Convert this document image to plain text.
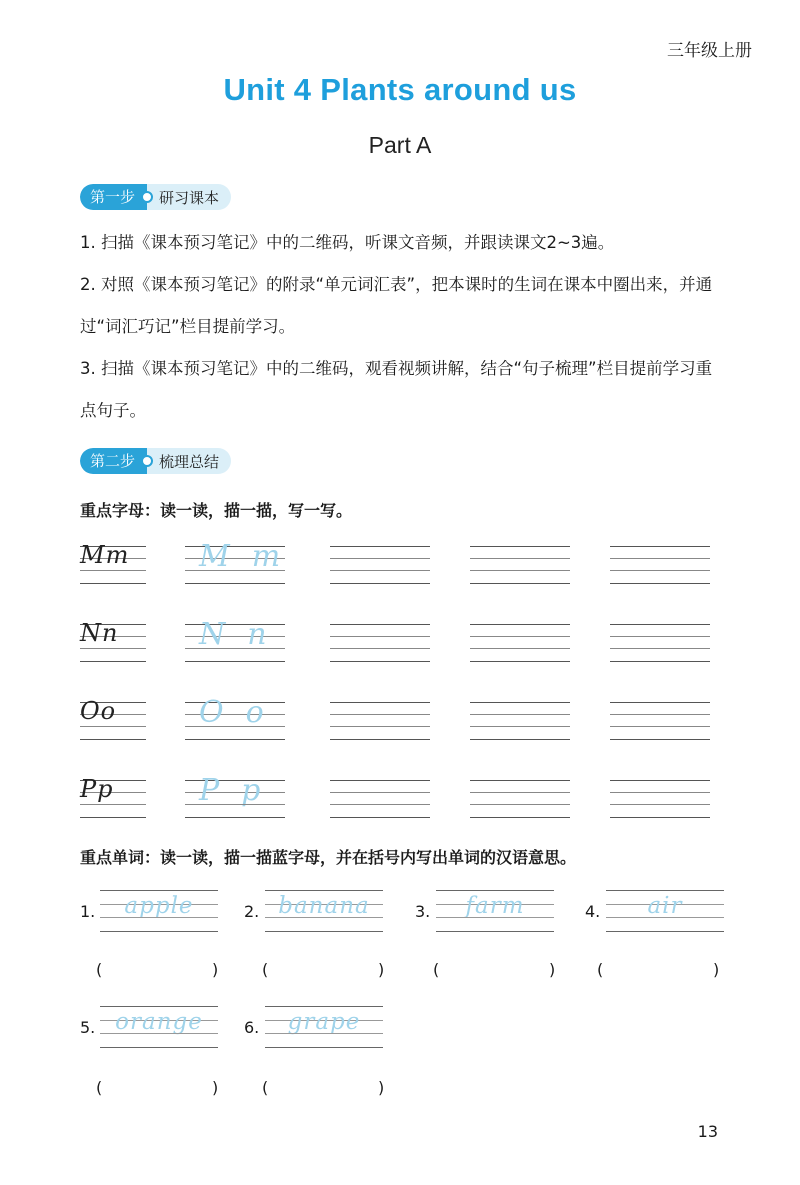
三年级上册
Unit 4 Plants around us
Part A
第一步	研习课本
1. 扫描《课本预习笔记》中的二维码，听课文音频，并跟读课文2~3遍。
2. 对照《课本预习笔记》的附录“单元词汇表”，把本课时的生词在课本中圈出来，并通过“词汇巧记”栏目提前学习。
3. 扫描《课本预习笔记》中的二维码，观看视频讲解，结合“句子梳理”栏目提前学习重点句子。
第二步	梳理总结
重点字母：读一读，描一描，写一写。
Mm	Mm
Nn	Nn
Oo	Oo
Pp	Pp
重点单词：读一读，描一描蓝字母，并在括号内写出单词的汉语意思。
1.	apple	2. banana	3.	farm	4.	air
(	)	(	)	(	)	(	)
5. orange	6.	grape
(	)	(	)
13
